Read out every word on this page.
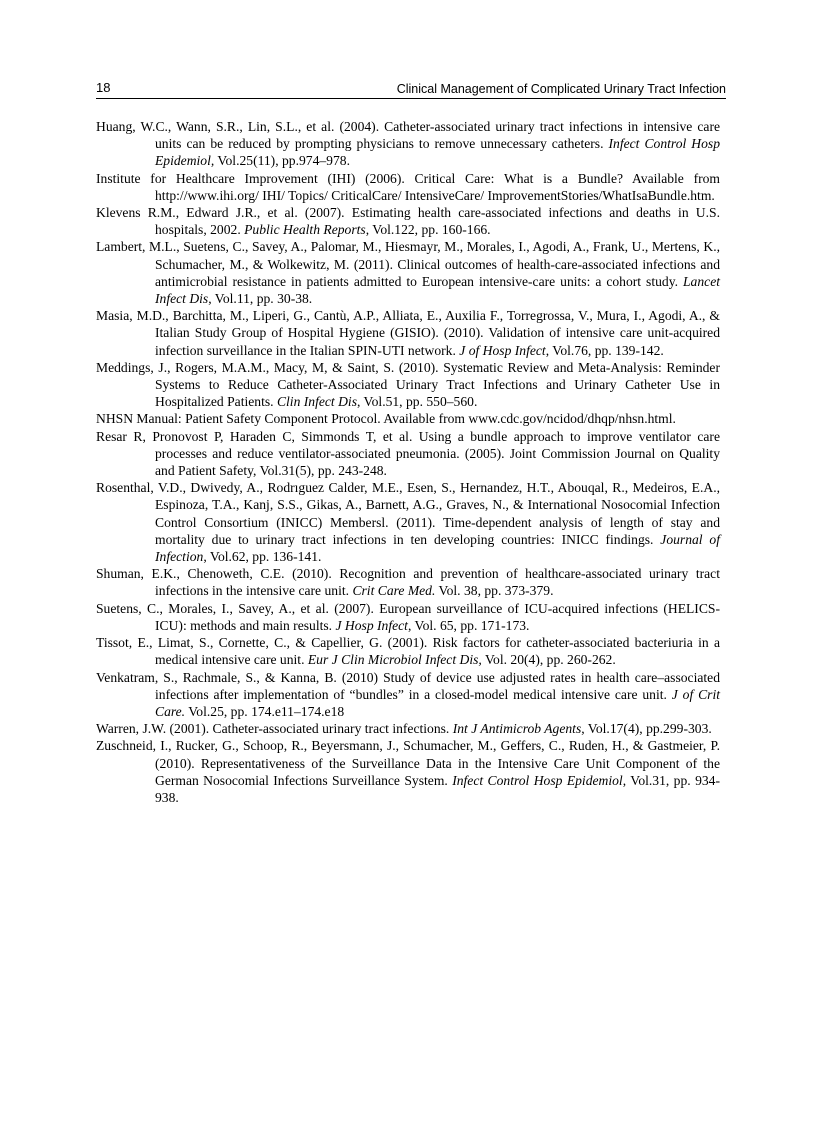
18	Clinical Management of Complicated Urinary Tract Infection
Huang, W.C., Wann, S.R., Lin, S.L., et al. (2004). Catheter-associated urinary tract infections in intensive care units can be reduced by prompting physicians to remove unnecessary catheters. Infect Control Hosp Epidemiol, Vol.25(11), pp.974–978.
Institute for Healthcare Improvement (IHI) (2006). Critical Care: What is a Bundle? Available from http://www.ihi.org/ IHI/ Topics/ CriticalCare/ IntensiveCare/ ImprovementStories/WhatIsaBundle.htm.
Klevens R.M., Edward J.R., et al. (2007). Estimating health care-associated infections and deaths in U.S. hospitals, 2002. Public Health Reports, Vol.122, pp. 160-166.
Lambert, M.L., Suetens, C., Savey, A., Palomar, M., Hiesmayr, M., Morales, I., Agodi, A., Frank, U., Mertens, K., Schumacher, M., & Wolkewitz, M. (2011). Clinical outcomes of health-care-associated infections and antimicrobial resistance in patients admitted to European intensive-care units: a cohort study. Lancet Infect Dis, Vol.11, pp. 30-38.
Masia, M.D., Barchitta, M., Liperi, G., Cantù, A.P., Alliata, E., Auxilia F., Torregrossa, V., Mura, I., Agodi, A., & Italian Study Group of Hospital Hygiene (GISIO). (2010). Validation of intensive care unit-acquired infection surveillance in the Italian SPIN-UTI network. J of Hosp Infect, Vol.76, pp. 139-142.
Meddings, J., Rogers, M.A.M., Macy, M, & Saint, S. (2010). Systematic Review and Meta-Analysis: Reminder Systems to Reduce Catheter-Associated Urinary Tract Infections and Urinary Catheter Use in Hospitalized Patients. Clin Infect Dis, Vol.51, pp. 550–560.
NHSN Manual: Patient Safety Component Protocol. Available from www.cdc.gov/ncidod/dhqp/nhsn.html.
Resar R, Pronovost P, Haraden C, Simmonds T, et al. Using a bundle approach to improve ventilator care processes and reduce ventilator-associated pneumonia. (2005). Joint Commission Journal on Quality and Patient Safety, Vol.31(5), pp. 243-248.
Rosenthal, V.D., Dwivedy, A., Rodrıguez Calder, M.E., Esen, S., Hernandez, H.T., Abouqal, R., Medeiros, E.A., Espinoza, T.A., Kanj, S.S., Gikas, A., Barnett, A.G., Graves, N., & International Nosocomial Infection Control Consortium (INICC) Membersl. (2011). Time-dependent analysis of length of stay and mortality due to urinary tract infections in ten developing countries: INICC findings. Journal of Infection, Vol.62, pp. 136-141.
Shuman, E.K., Chenoweth, C.E. (2010). Recognition and prevention of healthcare-associated urinary tract infections in the intensive care unit. Crit Care Med. Vol. 38, pp. 373-379.
Suetens, C., Morales, I., Savey, A., et al. (2007). European surveillance of ICU-acquired infections (HELICS-ICU): methods and main results. J Hosp Infect, Vol. 65, pp. 171-173.
Tissot, E., Limat, S., Cornette, C., & Capellier, G. (2001). Risk factors for catheter-associated bacteriuria in a medical intensive care unit. Eur J Clin Microbiol Infect Dis, Vol. 20(4), pp. 260-262.
Venkatram, S., Rachmale, S., & Kanna, B. (2010) Study of device use adjusted rates in health care–associated infections after implementation of “bundles” in a closed-model medical intensive care unit. J of Crit Care. Vol.25, pp. 174.e11–174.e18
Warren, J.W. (2001). Catheter-associated urinary tract infections. Int J Antimicrob Agents, Vol.17(4), pp.299-303.
Zuschneid, I., Rucker, G., Schoop, R., Beyersmann, J., Schumacher, M., Geffers, C., Ruden, H., & Gastmeier, P. (2010). Representativeness of the Surveillance Data in the Intensive Care Unit Component of the German Nosocomial Infections Surveillance System. Infect Control Hosp Epidemiol, Vol.31, pp. 934-938.
